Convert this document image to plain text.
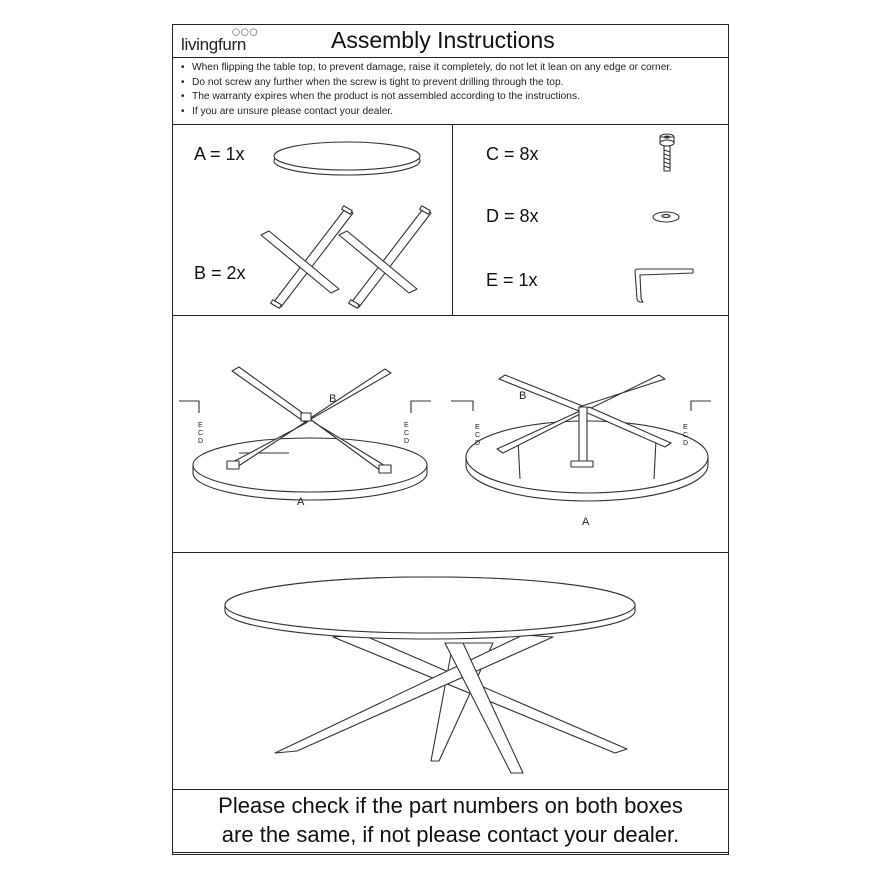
◯◯◯
livingfurn	Assembly Instructions
• When flipping the table top, to prevent damage, raise it completely, do not let it lean on any edge or corner.
• Do not screw any further when the screw is tight to prevent drilling through the top.
• The warranty expires when the product is not assembled according to the instructions.
• If you are unsure please contact your dealer.
A = 1x
B = 2x
C = 8x
D = 8x
E = 1x
B
A
E
C
D
E
C
D
B
A
E
C
D
E
C
D
Please check if the part numbers on both boxes
are the same, if not please contact your dealer.
